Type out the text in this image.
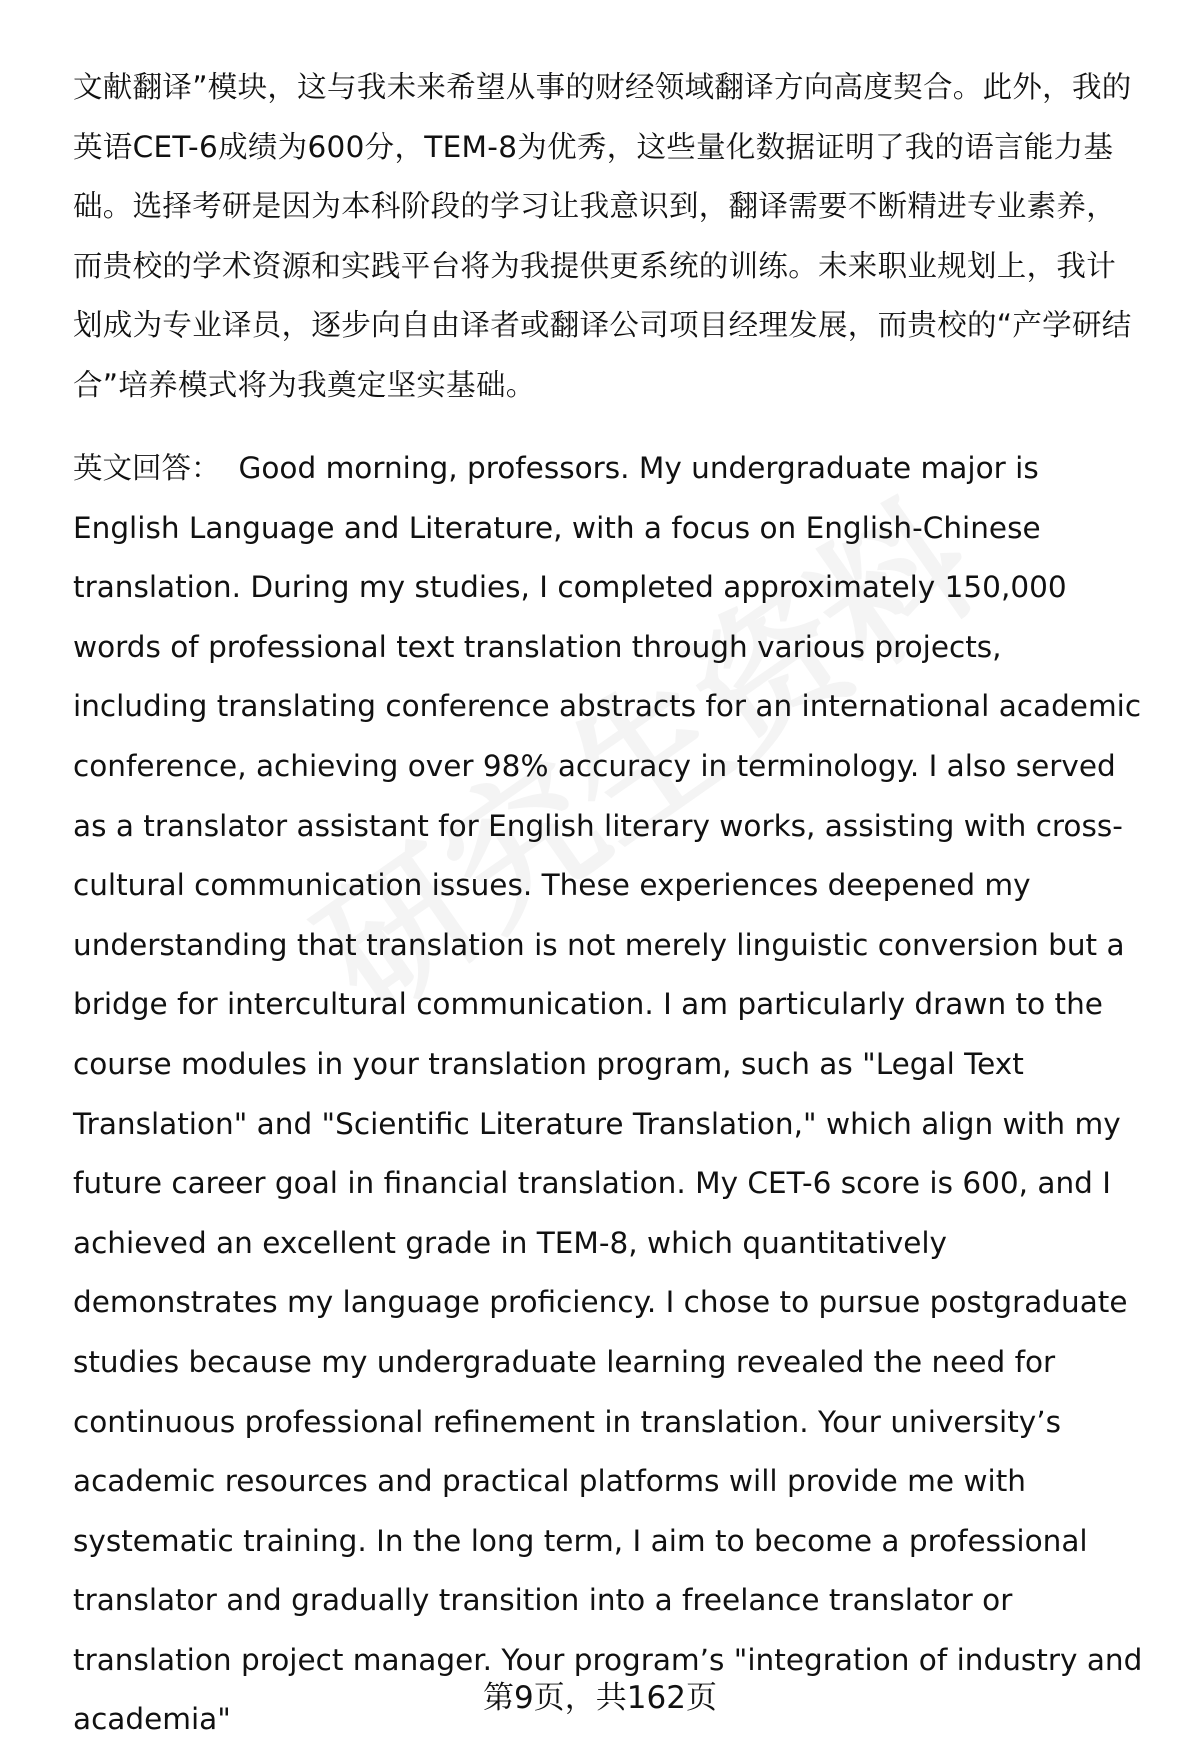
文献翻译”模块，这与我未来希望从事的财经领域翻译方向高度契合。此外，我的英语CET-6成绩为600分，TEM-8为优秀，这些量化数据证明了我的语言能力基础。选择考研是因为本科阶段的学习让我意识到，翻译需要不断精进专业素养，而贵校的学术资源和实践平台将为我提供更系统的训练。未来职业规划上，我计划成为专业译员，逐步向自由译者或翻译公司项目经理发展，而贵校的“产学研结合”培养模式将为我奠定坚实基础。

英文回答： Good morning, professors. My undergraduate major is English Language and Literature, with a focus on English-Chinese translation. During my studies, I completed approximately 150,000 words of professional text translation through various projects, including translating conference abstracts for an international academic conference, achieving over 98% accuracy in terminology. I also served as a translator assistant for English literary works, assisting with cross-cultural communication issues. These experiences deepened my understanding that translation is not merely linguistic conversion but a bridge for intercultural communication. I am particularly drawn to the course modules in your translation program, such as "Legal Text Translation" and "Scientific Literature Translation," which align with my future career goal in financial translation. My CET-6 score is 600, and I achieved an excellent grade in TEM-8, which quantitatively demonstrates my language proficiency. I chose to pursue postgraduate studies because my undergraduate learning revealed the need for continuous professional refinement in translation. Your university’s academic resources and practical platforms will provide me with systematic training. In the long term, I aim to become a professional translator and gradually transition into a freelance translator or translation project manager. Your program’s "integration of industry and academia"

第9页，共162页
